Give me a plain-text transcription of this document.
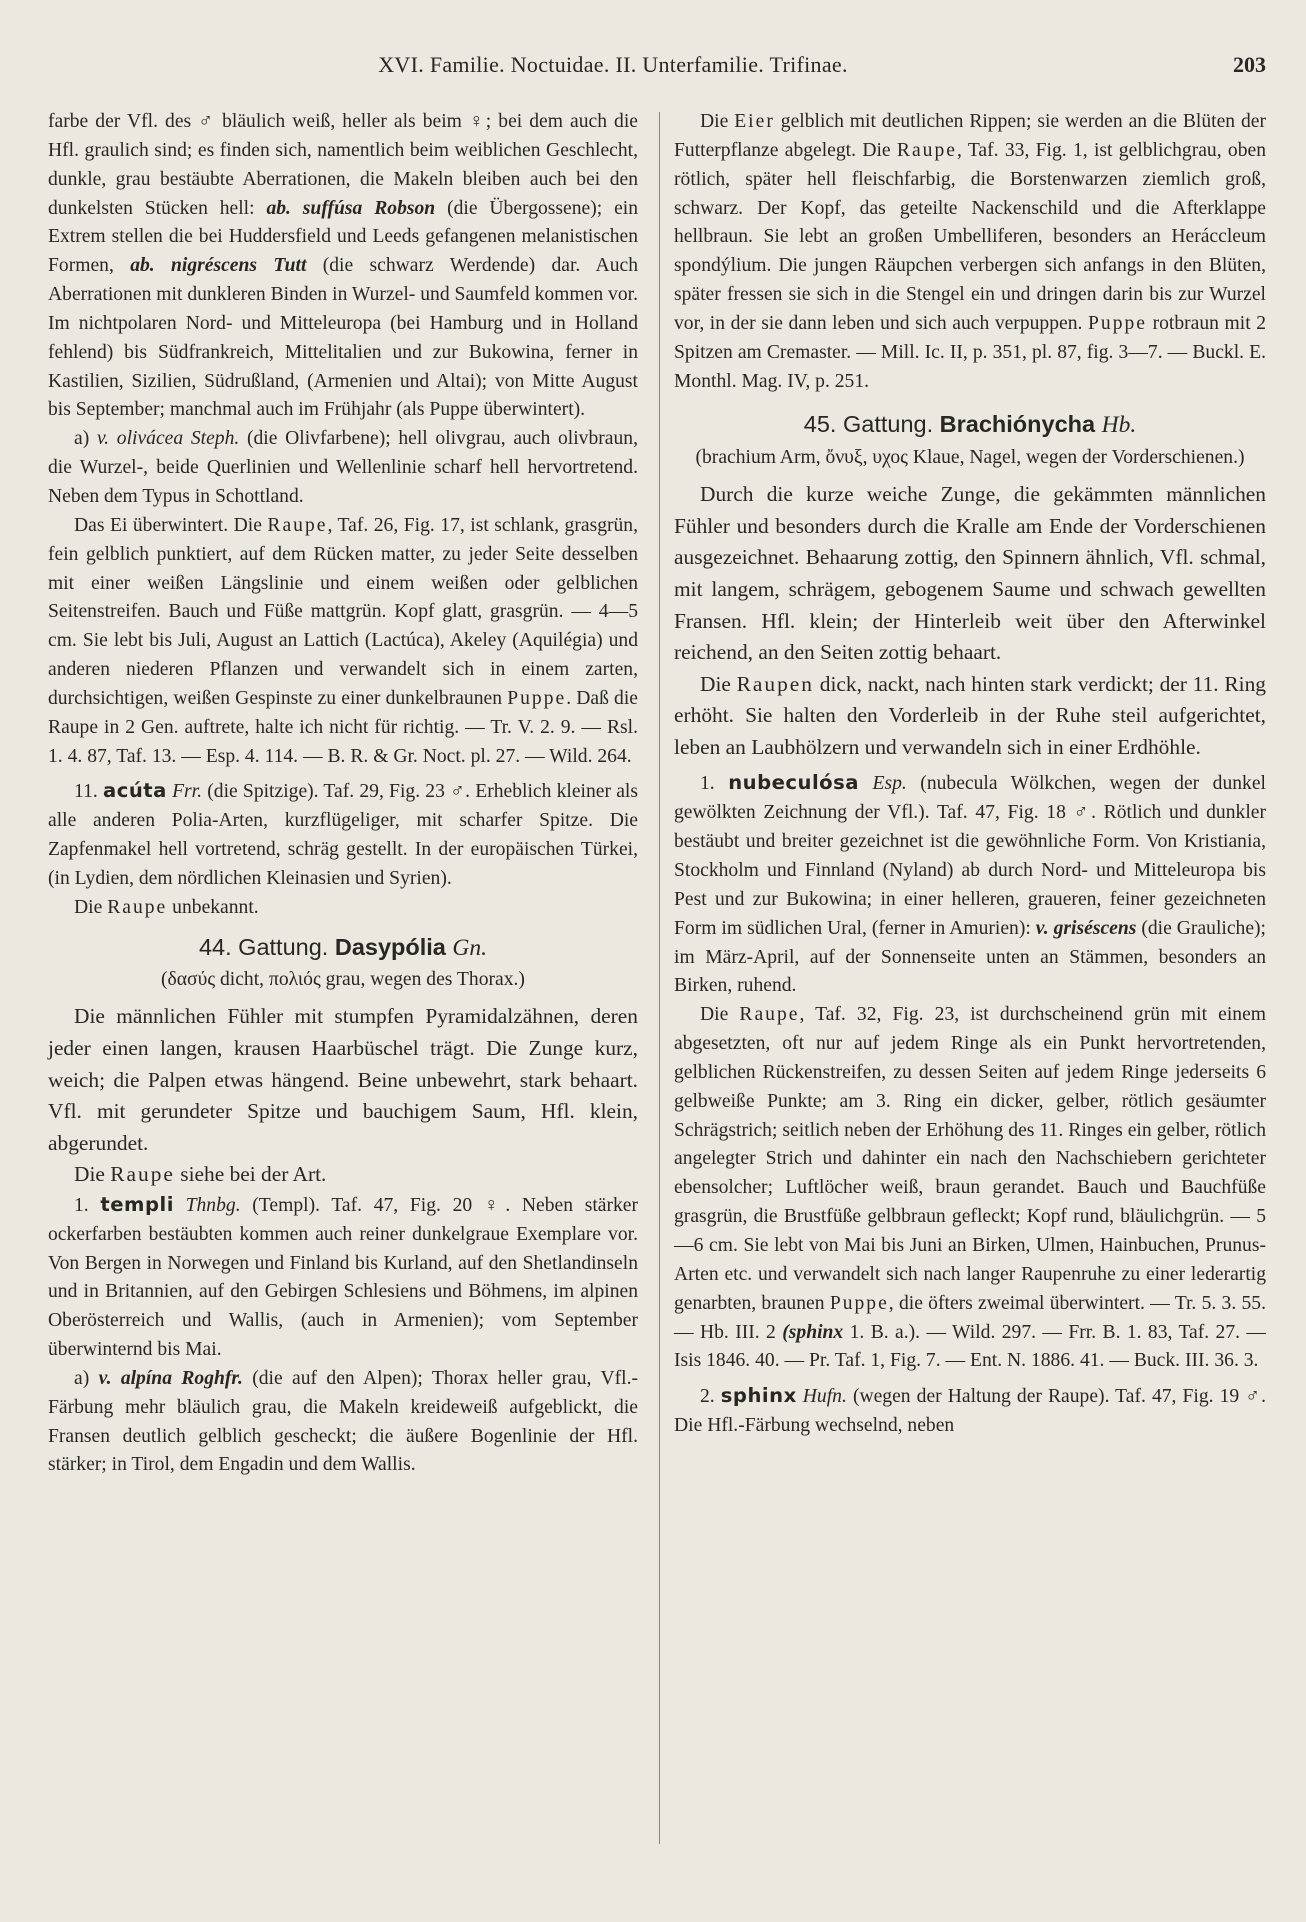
XVI. Familie. Noctuidae. II. Unterfamilie. Trifinae.	203

farbe der Vfl. des ♂ bläulich weiß, heller als beim ♀; bei dem auch die Hfl. graulich sind; es finden sich, namentlich beim weiblichen Geschlecht, dunkle, grau bestäubte Aberrationen, die Makeln bleiben auch bei den dunkelsten Stücken hell: ab. suffúsa Robson (die Übergossene); ein Extrem stellen die bei Huddersfield und Leeds gefangenen melanistischen Formen, ab. nigréscens Tutt (die schwarz Werdende) dar. Auch Aberrationen mit dunkleren Binden in Wurzel- und Saumfeld kommen vor. Im nichtpolaren Nord- und Mitteleuropa (bei Hamburg und in Holland fehlend) bis Südfrankreich, Mittelitalien und zur Bukowina, ferner in Kastilien, Sizilien, Südrußland, (Armenien und Altai); von Mitte August bis September; manchmal auch im Frühjahr (als Puppe überwintert).

a) v. olivácea Steph. (die Olivfarbene); hell olivgrau, auch olivbraun, die Wurzel-, beide Querlinien und Wellenlinie scharf hell hervortretend. Neben dem Typus in Schottland.

Das Ei überwintert. Die Raupe, Taf. 26, Fig. 17, ist schlank, grasgrün, fein gelblich punktiert, auf dem Rücken matter, zu jeder Seite desselben mit einer weißen Längslinie und einem weißen oder gelblichen Seitenstreifen. Bauch und Füße mattgrün. Kopf glatt, grasgrün. — 4—5 cm. Sie lebt bis Juli, August an Lattich (Lactúca), Akeley (Aquilégia) und anderen niederen Pflanzen und verwandelt sich in einem zarten, durchsichtigen, weißen Gespinste zu einer dunkelbraunen Puppe. Daß die Raupe in 2 Gen. auftrete, halte ich nicht für richtig. — Tr. V. 2. 9. — Rsl. 1. 4. 87, Taf. 13. — Esp. 4. 114. — B. R. & Gr. Noct. pl. 27. — Wild. 264.

11. acúta Frr. (die Spitzige). Taf. 29, Fig. 23 ♂. Erheblich kleiner als alle anderen Polia-Arten, kurzflügeliger, mit scharfer Spitze. Die Zapfenmakel hell vortretend, schräg gestellt. In der europäischen Türkei, (in Lydien, dem nördlichen Kleinasien und Syrien).

Die Raupe unbekannt.

44. Gattung. Dasypólia Gn.

(δασύς dicht, πολιός grau, wegen des Thorax.)

Die männlichen Fühler mit stumpfen Pyramidalzähnen, deren jeder einen langen, krausen Haarbüschel trägt. Die Zunge kurz, weich; die Palpen etwas hängend. Beine unbewehrt, stark behaart. Vfl. mit gerundeter Spitze und bauchigem Saum, Hfl. klein, abgerundet.

Die Raupe siehe bei der Art.

1. templi Thnbg. (Templ). Taf. 47, Fig. 20 ♀. Neben stärker ockerfarben bestäubten kommen auch reiner dunkelgraue Exemplare vor. Von Bergen in Norwegen und Finland bis Kurland, auf den Shetlandinseln und in Britannien, auf den Gebirgen Schlesiens und Böhmens, im alpinen Oberösterreich und Wallis, (auch in Armenien); vom September überwinternd bis Mai.

a) v. alpína Roghfr. (die auf den Alpen); Thorax heller grau, Vfl.-Färbung mehr bläulich grau, die Makeln kreideweiß aufgeblickt, die Fransen deutlich gelblich gescheckt; die äußere Bogenlinie der Hfl. stärker; in Tirol, dem Engadin und dem Wallis.

Die Eier gelblich mit deutlichen Rippen; sie werden an die Blüten der Futterpflanze abgelegt. Die Raupe, Taf. 33, Fig. 1, ist gelblichgrau, oben rötlich, später hell fleischfarbig, die Borstenwarzen ziemlich groß, schwarz. Der Kopf, das geteilte Nackenschild und die Afterklappe hellbraun. Sie lebt an großen Umbelliferen, besonders an Heráccleum spondýlium. Die jungen Räupchen verbergen sich anfangs in den Blüten, später fressen sie sich in die Stengel ein und dringen darin bis zur Wurzel vor, in der sie dann leben und sich auch verpuppen. Puppe rotbraun mit 2 Spitzen am Cremaster. — Mill. Ic. II, p. 351, pl. 87, fig. 3—7. — Buckl. E. Monthl. Mag. IV, p. 251.

45. Gattung. Brachiónycha Hb.

(brachium Arm, ὄνυξ, υχος Klaue, Nagel, wegen der Vorderschienen.)

Durch die kurze weiche Zunge, die gekämmten männlichen Fühler und besonders durch die Kralle am Ende der Vorderschienen ausgezeichnet. Behaarung zottig, den Spinnern ähnlich, Vfl. schmal, mit langem, schrägem, gebogenem Saume und schwach gewellten Fransen. Hfl. klein; der Hinterleib weit über den Afterwinkel reichend, an den Seiten zottig behaart.

Die Raupen dick, nackt, nach hinten stark verdickt; der 11. Ring erhöht. Sie halten den Vorderleib in der Ruhe steil aufgerichtet, leben an Laubhölzern und verwandeln sich in einer Erdhöhle.

1. nubeculósa Esp. (nubecula Wölkchen, wegen der dunkel gewölkten Zeichnung der Vfl.). Taf. 47, Fig. 18 ♂. Rötlich und dunkler bestäubt und breiter gezeichnet ist die gewöhnliche Form. Von Kristiania, Stockholm und Finnland (Nyland) ab durch Nord- und Mitteleuropa bis Pest und zur Bukowina; in einer helleren, graueren, feiner gezeichneten Form im südlichen Ural, (ferner in Amurien): v. griséscens (die Grauliche); im März-April, auf der Sonnenseite unten an Stämmen, besonders an Birken, ruhend.

Die Raupe, Taf. 32, Fig. 23, ist durchscheinend grün mit einem abgesetzten, oft nur auf jedem Ringe als ein Punkt hervortretenden, gelblichen Rückenstreifen, zu dessen Seiten auf jedem Ringe jederseits 6 gelbweiße Punkte; am 3. Ring ein dicker, gelber, rötlich gesäumter Schrägstrich; seitlich neben der Erhöhung des 11. Ringes ein gelber, rötlich angelegter Strich und dahinter ein nach den Nachschiebern gerichteter ebensolcher; Luftlöcher weiß, braun gerandet. Bauch und Bauchfüße grasgrün, die Brustfüße gelbbraun gefleckt; Kopf rund, bläulichgrün. — 5—6 cm. Sie lebt von Mai bis Juni an Birken, Ulmen, Hainbuchen, Prunus-Arten etc. und verwandelt sich nach langer Raupenruhe zu einer lederartig genarbten, braunen Puppe, die öfters zweimal überwintert. — Tr. 5. 3. 55. — Hb. III. 2 (sphinx 1. B. a.). — Wild. 297. — Frr. B. 1. 83, Taf. 27. — Isis 1846. 40. — Pr. Taf. 1, Fig. 7. — Ent. N. 1886. 41. — Buck. III. 36. 3.

2. sphinx Hufn. (wegen der Haltung der Raupe). Taf. 47, Fig. 19 ♂. Die Hfl.-Färbung wechselnd, neben
